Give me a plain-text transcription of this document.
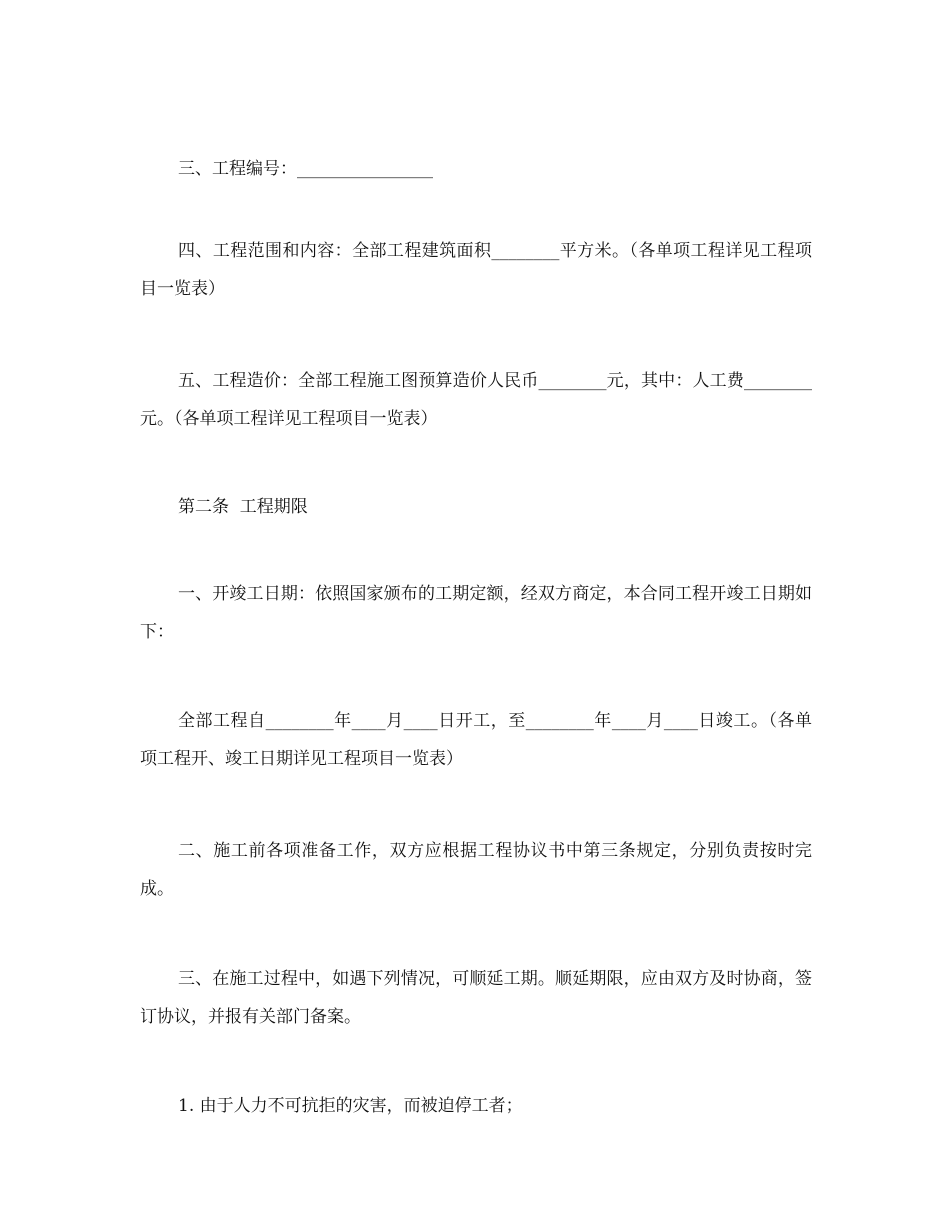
三、工程编号：________________

四、工程范围和内容：全部工程建筑面积________平方米。（各单项工程详见工程项目一览表）

五、工程造价：全部工程施工图预算造价人民币________元，其中：人工费________元。（各单项工程详见工程项目一览表）

第二条  工程期限

一、开竣工日期：依照国家颁布的工期定额，经双方商定，本合同工程开竣工日期如下：

全部工程自________年____月____日开工，至________年____月____日竣工。（各单项工程开、竣工日期详见工程项目一览表）

二、施工前各项准备工作，双方应根据工程协议书中第三条规定，分别负责按时完成。

三、在施工过程中，如遇下列情况，可顺延工期。顺延期限，应由双方及时协商，签订协议，并报有关部门备案。

1. 由于人力不可抗拒的灾害，而被迫停工者；
